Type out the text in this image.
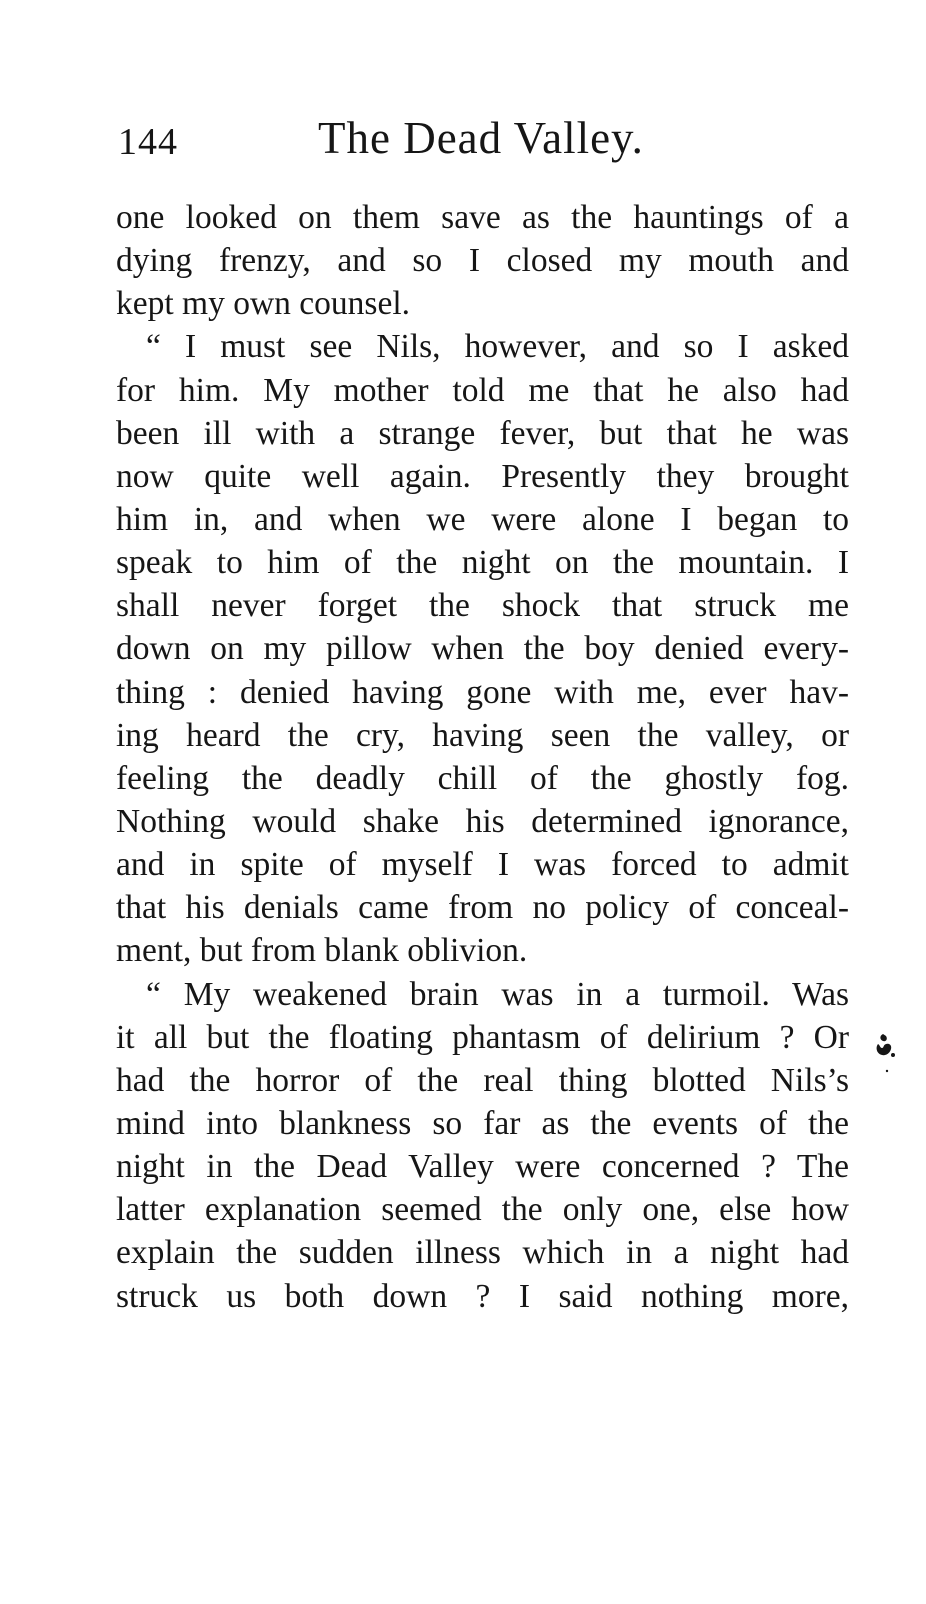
144	The Dead Valley.
one looked on them save as the hauntings of a
dying frenzy, and so I closed my mouth and
kept my own counsel.
“ I must see Nils, however, and so I asked
for him. My mother told me that he also had
been ill with a strange fever, but that he was
now quite well again. Presently they brought
him in, and when we were alone I began to
speak to him of the night on the mountain. I
shall never forget the shock that struck me
down on my pillow when the boy denied every-
thing : denied having gone with me, ever hav-
ing heard the cry, having seen the valley, or
feeling the deadly chill of the ghostly fog.
Nothing would shake his determined ignorance,
and in spite of myself I was forced to admit
that his denials came from no policy of conceal-
ment, but from blank oblivion.
“ My weakened brain was in a turmoil. Was
it all but the floating phantasm of delirium ? Or
had the horror of the real thing blotted Nils’s
mind into blankness so far as the events of the
night in the Dead Valley were concerned ? The
latter explanation seemed the only one, else how
explain the sudden illness which in a night had
struck us both down ? I said nothing more,
